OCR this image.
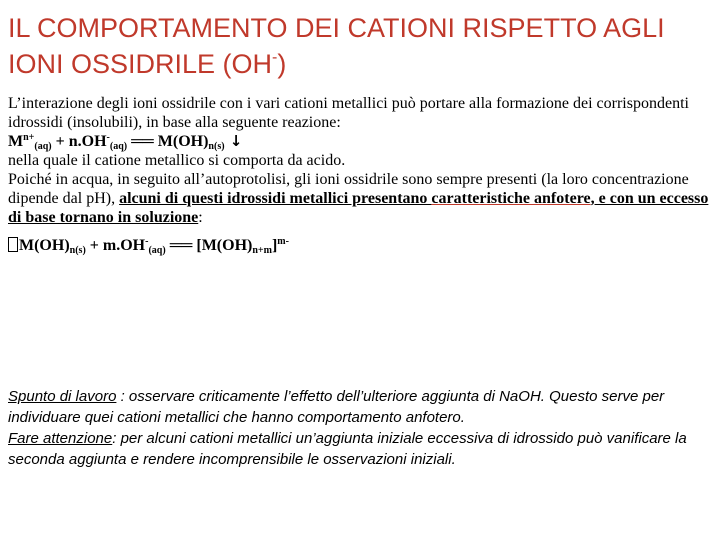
IL COMPORTAMENTO DEI CATIONI RISPETTO AGLI IONI OSSIDRILE (OH-)

L’interazione degli ioni ossidrile con i vari cationi metallici può portare alla formazione dei corrispondenti idrossidi (insolubili), in base alla seguente reazione:

$M^{n+}_{(aq)} + n.OH^-_{(aq)}$ ══ $M(OH)_{n(s)}$ ↓

nella quale il catione metallico si comporta da acido.

Poiché in acqua, in seguito all’autoprotolisi, gli ioni ossidrile sono sempre presenti (la loro concentrazione dipende dal pH), alcuni di questi idrossidi metallici presentano caratteristiche anfotere, e con un eccesso di base tornano in soluzione:

$M(OH)_{n(s)} + m.OH^-_{(aq)}$ ══ $[M(OH)_{n+m}]^{m-}$

Spunto di lavoro : osservare criticamente l’effetto dell’ulteriore aggiunta di NaOH. Questo serve per individuare quei cationi metallici che hanno comportamento anfotero.

Fare attenzione: per alcuni cationi metallici un’aggiunta iniziale eccessiva di idrossido può vanificare la seconda aggiunta e rendere incomprensibile le osservazioni iniziali.
